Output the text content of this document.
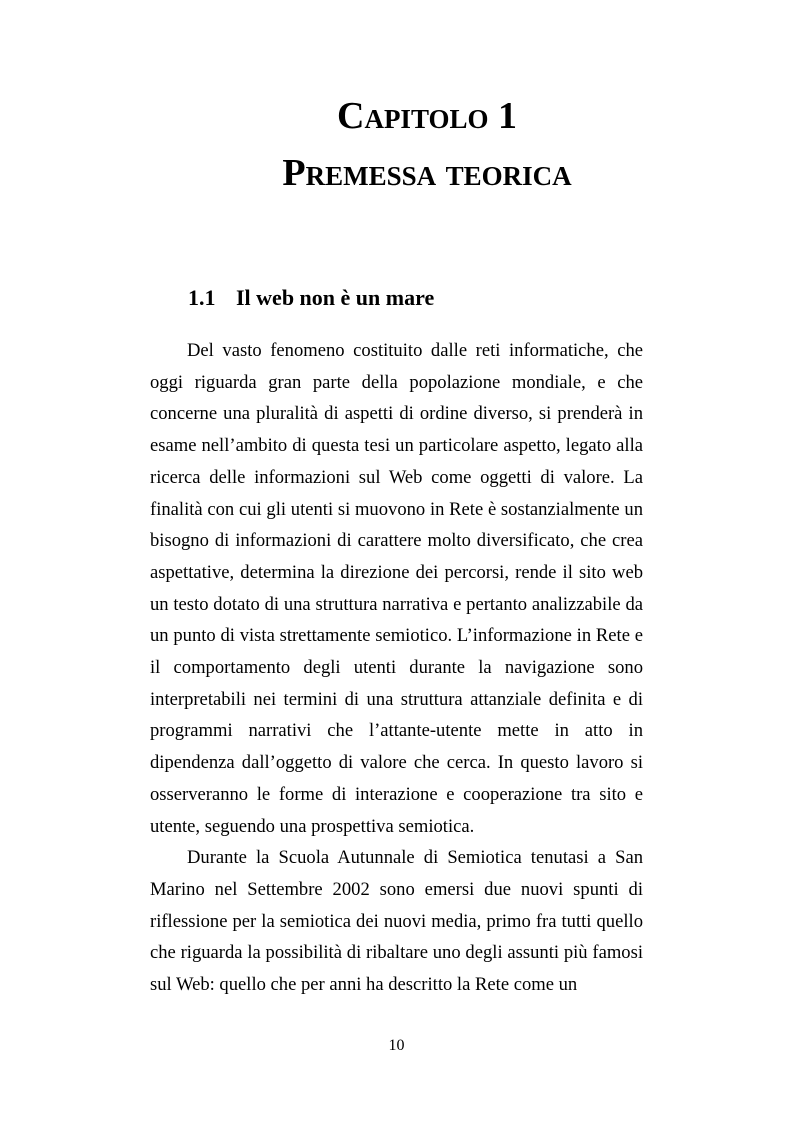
Capitolo 1
Premessa teorica
1.1 Il web non è un mare

Del vasto fenomeno costituito dalle reti informatiche, che oggi riguarda gran parte della popolazione mondiale, e che concerne una pluralità di aspetti di ordine diverso, si prenderà in esame nell’ambito di questa tesi un particolare aspetto, legato alla ricerca delle informazioni sul Web come oggetti di valore. La finalità con cui gli utenti si muovono in Rete è sostanzialmente un bisogno di informazioni di carattere molto diversificato, che crea aspettative, determina la direzione dei percorsi, rende il sito web un testo dotato di una struttura narrativa e pertanto analizzabile da un punto di vista strettamente semiotico. L’informazione in Rete e il comportamento degli utenti durante la navigazione sono interpretabili nei termini di una struttura attanziale definita e di programmi narrativi che l’attante-utente mette in atto in dipendenza dall’oggetto di valore che cerca. In questo lavoro si osserveranno le forme di interazione e cooperazione tra sito e utente, seguendo una prospettiva semiotica.

Durante la Scuola Autunnale di Semiotica tenutasi a San Marino nel Settembre 2002 sono emersi due nuovi spunti di riflessione per la semiotica dei nuovi media, primo fra tutti quello che riguarda la possibilità di ribaltare uno degli assunti più famosi sul Web: quello che per anni ha descritto la Rete come un

10
